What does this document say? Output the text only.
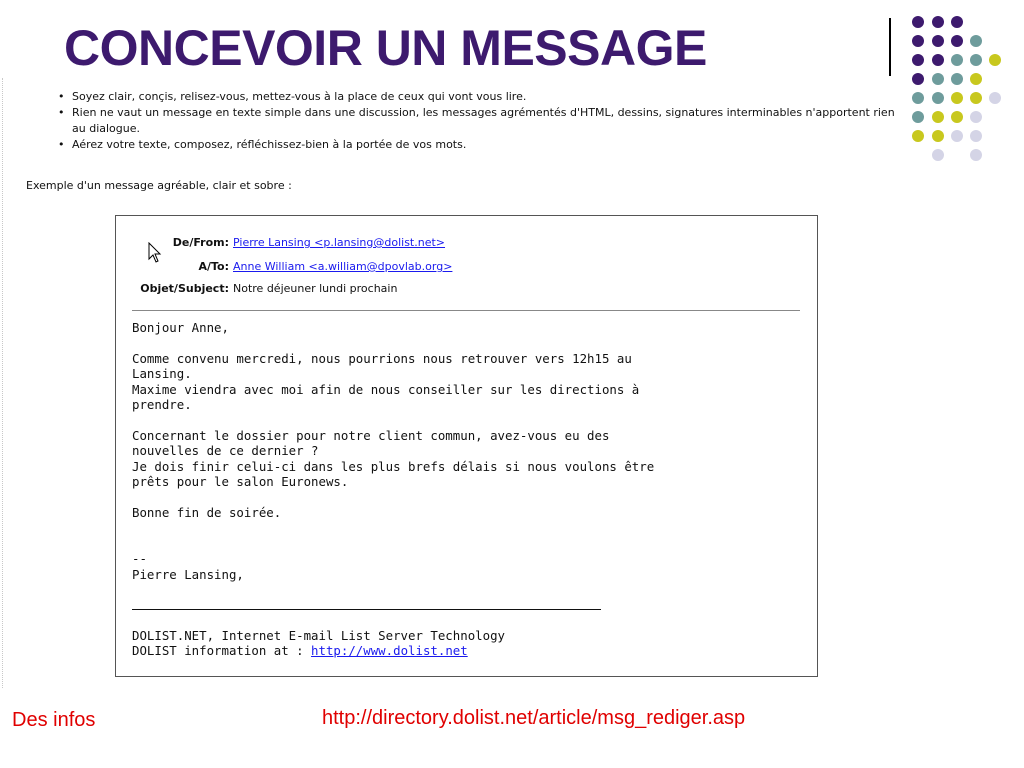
CONCEVOIR UN MESSAGE
• Soyez clair, conçis, relisez-vous, mettez-vous à la place de ceux qui vont vous lire.
• Rien ne vaut un message en texte simple dans une discussion, les messages agrémentés d'HTML, dessins, signatures interminables n'apportent rien au dialogue.
• Aérez votre texte, composez, réfléchissez-bien à la portée de vos mots.
Exemple d'un message agréable, clair et sobre :
De/From: Pierre Lansing <p.lansing@dolist.net>
A/To: Anne William <a.william@dpovlab.org>
Objet/Subject: Notre déjeuner lundi prochain
Bonjour Anne,

Comme convenu mercredi, nous pourrions nous retrouver vers 12h15 au
Lansing.
Maxime viendra avec moi afin de nous conseiller sur les directions à
prendre.

Concernant le dossier pour notre client commun, avez-vous eu des
nouvelles de ce dernier ?
Je dois finir celui-ci dans les plus brefs délais si nous voulons être
prêts pour le salon Euronews.

Bonne fin de soirée.

--
Pierre Lansing,
DOLIST.NET, Internet E-mail List Server Technology
DOLIST information at : http://www.dolist.net
Des infos	http://directory.dolist.net/article/msg_rediger.asp
